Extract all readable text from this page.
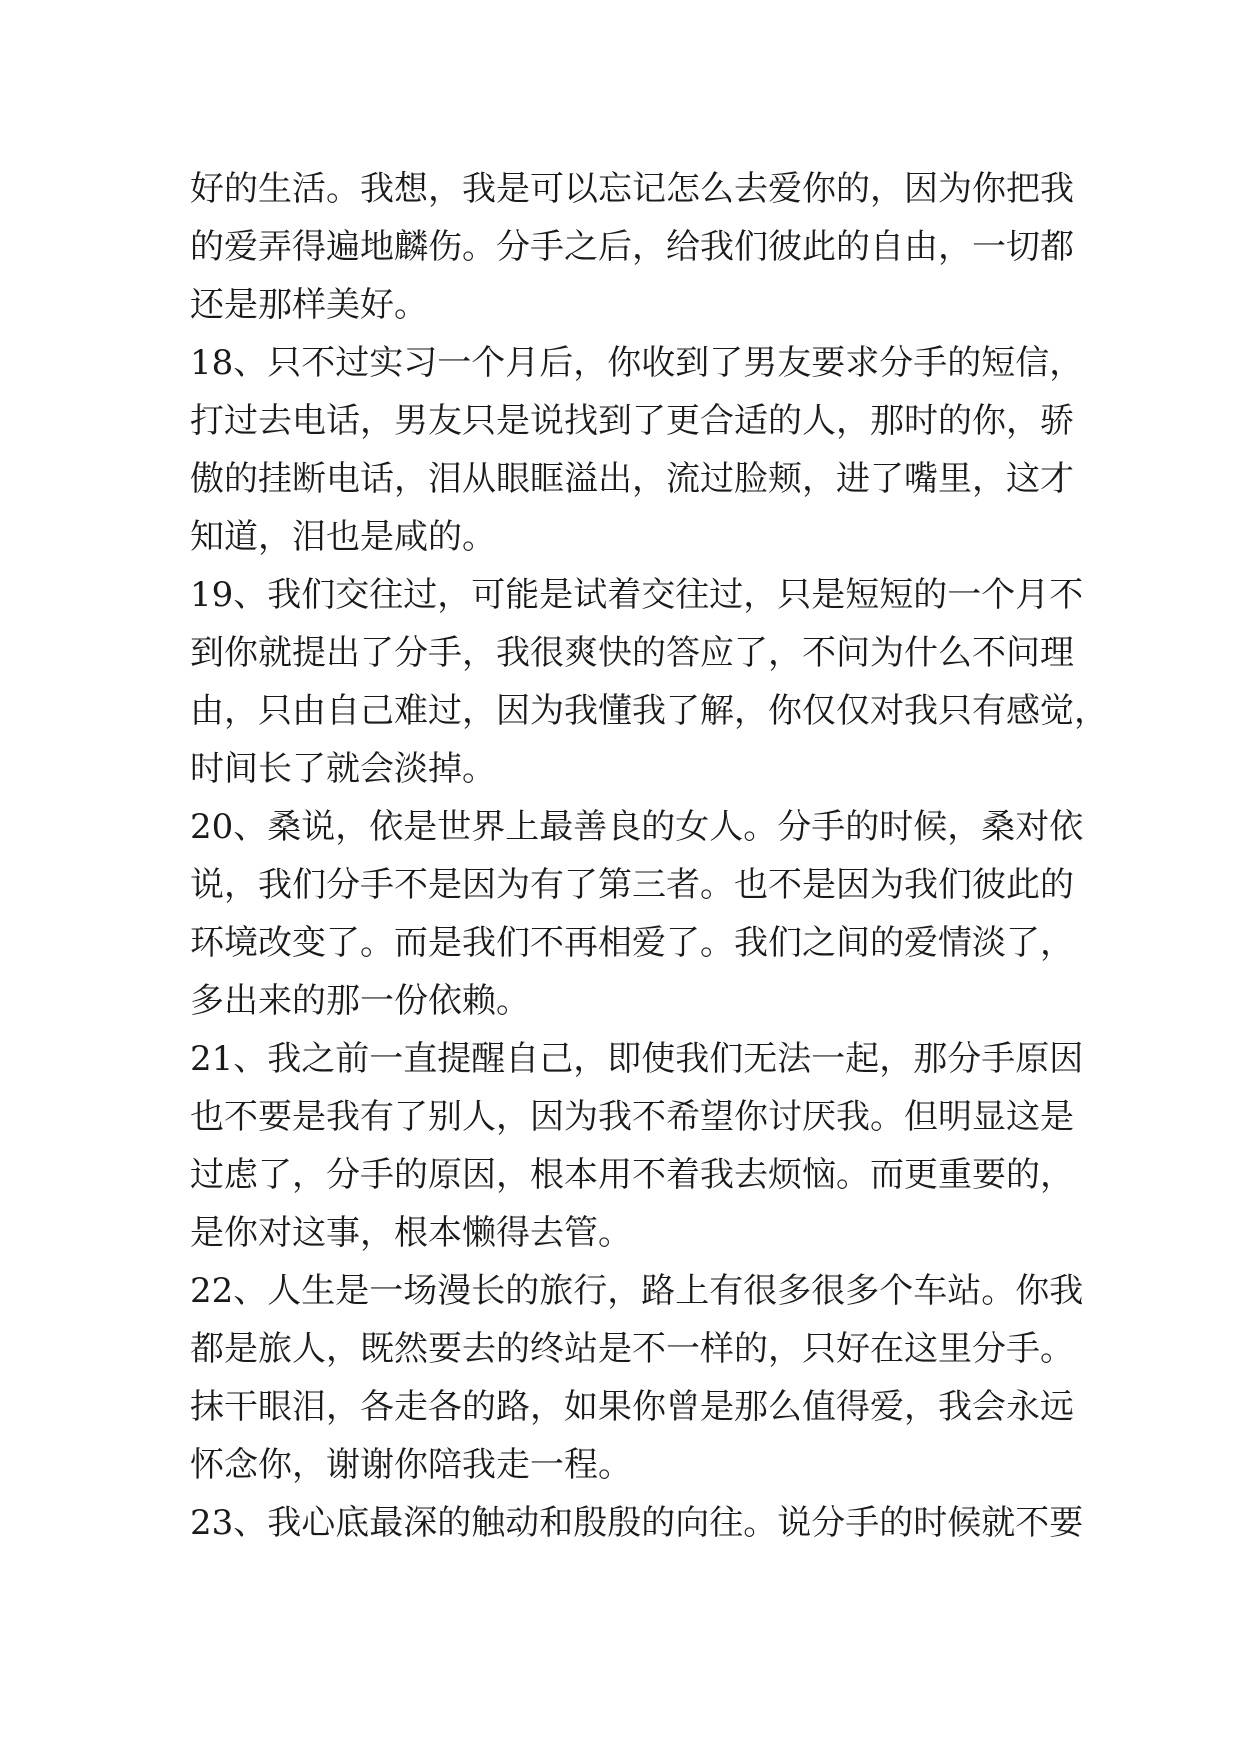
好的生活。我想，我是可以忘记怎么去爱你的，因为你把我
的爱弄得遍地麟伤。分手之后，给我们彼此的自由，一切都
还是那样美好。
18、只不过实习一个月后，你收到了男友要求分手的短信，
打过去电话，男友只是说找到了更合适的人，那时的你，骄
傲的挂断电话，泪从眼眶溢出，流过脸颊，进了嘴里，这才
知道，泪也是咸的。
19、我们交往过，可能是试着交往过，只是短短的一个月不
到你就提出了分手，我很爽快的答应了，不问为什么不问理
由，只由自己难过，因为我懂我了解，你仅仅对我只有感觉，
时间长了就会淡掉。
20、桑说，依是世界上最善良的女人。分手的时候，桑对依
说，我们分手不是因为有了第三者。也不是因为我们彼此的
环境改变了。而是我们不再相爱了。我们之间的爱情淡了，
多出来的那一份依赖。
21、我之前一直提醒自己，即使我们无法一起，那分手原因
也不要是我有了别人，因为我不希望你讨厌我。但明显这是
过虑了，分手的原因，根本用不着我去烦恼。而更重要的，
是你对这事，根本懒得去管。
22、人生是一场漫长的旅行，路上有很多很多个车站。你我
都是旅人，既然要去的终站是不一样的，只好在这里分手。
抹干眼泪，各走各的路，如果你曾是那么值得爱，我会永远
怀念你，谢谢你陪我走一程。
23、我心底最深的触动和殷殷的向往。说分手的时候就不要
